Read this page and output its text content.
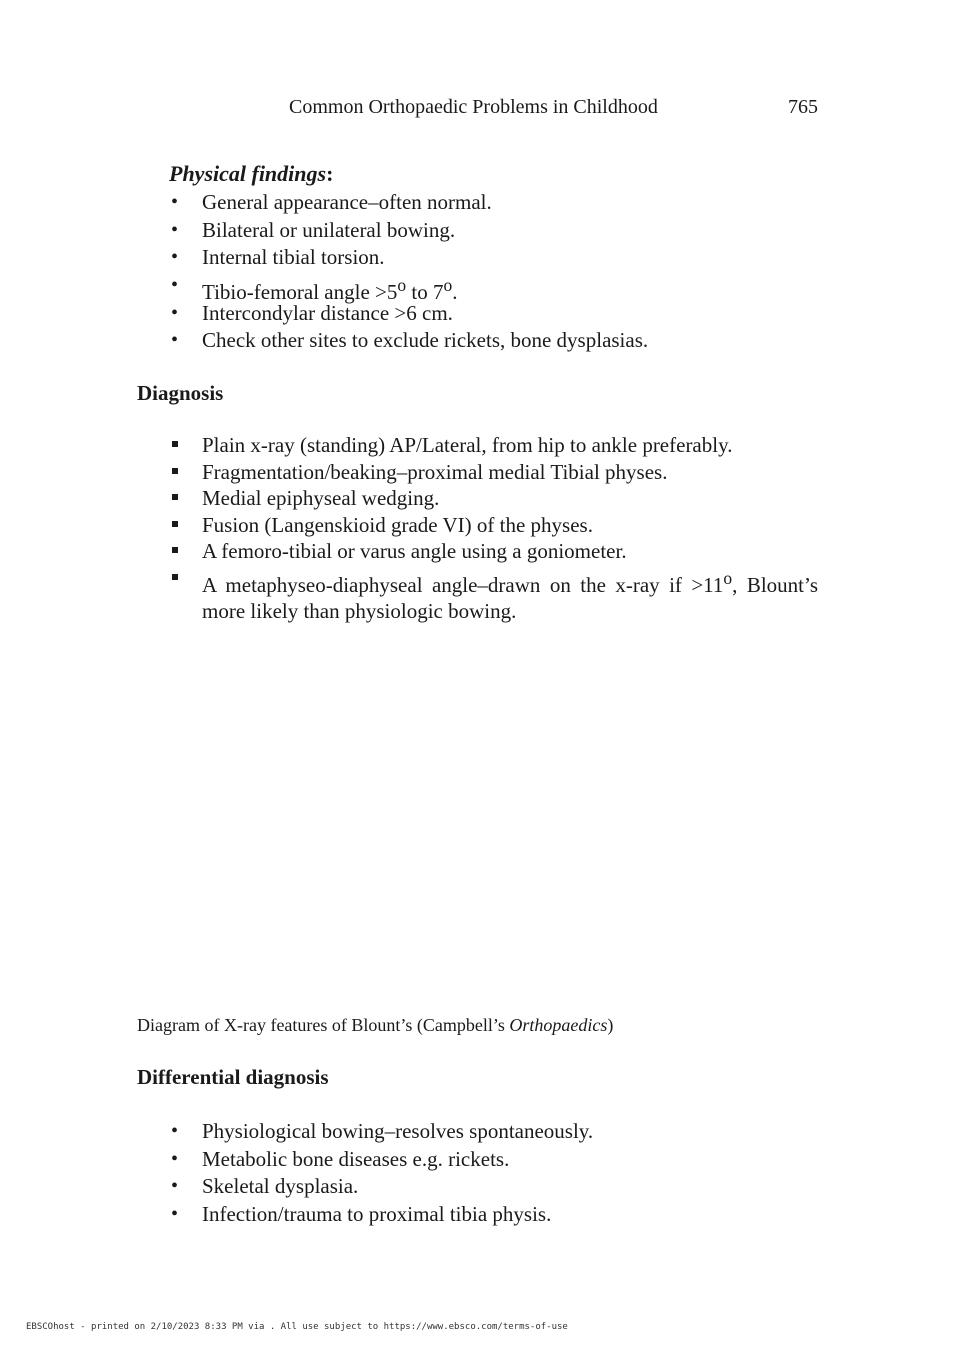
Common Orthopaedic Problems in Childhood	765
Physical findings:
• General appearance–often normal.
• Bilateral or unilateral bowing.
• Internal tibial torsion.
• Tibio-femoral angle $>5^o$ to 7$^o$.
• Intercondylar distance >6 cm.
• Check other sites to exclude rickets, bone dysplasias.
Diagnosis
Plain x-ray (standing) AP/Lateral, from hip to ankle preferably.
Fragmentation/beaking–proximal medial Tibial physes.
Medial epiphyseal wedging.
Fusion (Langenskioid grade VI) of the physes.
A femoro-tibial or varus angle using a goniometer.
A metaphyseo-diaphyseal angle–drawn on the x-ray if $>11^o$, Blount’s more likely than physiologic bowing.
Diagram of X-ray features of Blount’s (Campbell’s Orthopaedics)
Differential diagnosis
• Physiological bowing–resolves spontaneously.
• Metabolic bone diseases e.g. rickets.
• Skeletal dysplasia.
• Infection/trauma to proximal tibia physis.
EBSCOhost - printed on 2/10/2023 8:33 PM via . All use subject to https://www.ebsco.com/terms-of-use
